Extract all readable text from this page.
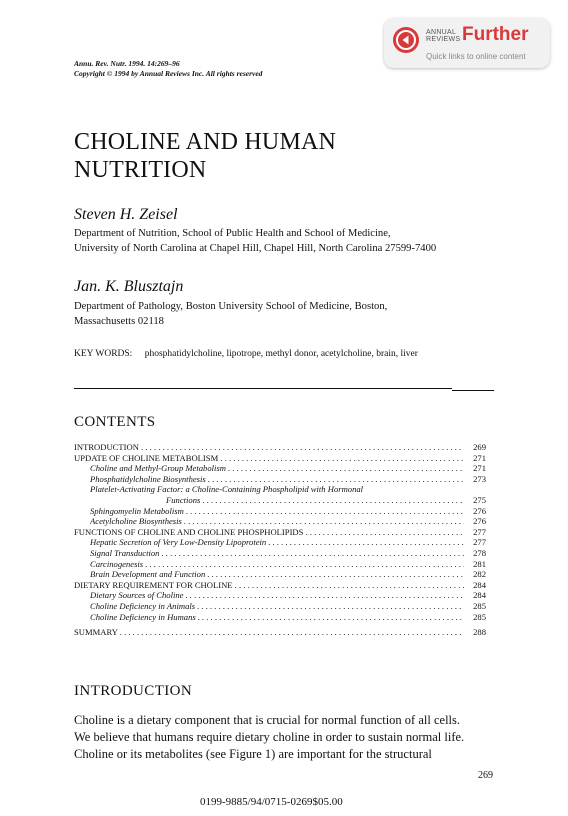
ANNUAL
REVIEWS Further
Quick links to online content
Annu. Rev. Nutr. 1994. 14:269–96
Copyright © 1994 by Annual Reviews Inc. All rights reserved
CHOLINE AND HUMAN
NUTRITION
Steven H. Zeisel
Department of Nutrition, School of Public Health and School of Medicine,
University of North Carolina at Chapel Hill, Chapel Hill, North Carolina 27599-7400
Jan. K. Blusztajn
Department of Pathology, Boston University School of Medicine, Boston,
Massachusetts 02118
KEY WORDS: phosphatidylcholine, lipotrope, methyl donor, acetylcholine, brain, liver
CONTENTS
INTRODUCTION . . .	269
UPDATE OF CHOLINE METABOLISM . . .	271
Choline and Methyl-Group Metabolism . . .	271
Phosphatidylcholine Biosynthesis . . .	273
Platelet-Activating Factor: a Choline-Containing Phospholipid with Hormonal
Functions . . .	275
Sphingomyelin Metabolism . . .	276
Acetylcholine Biosynthesis . . .	276
FUNCTIONS OF CHOLINE AND CHOLINE PHOSPHOLIPIDS . . .	277
Hepatic Secretion of Very Low-Density Lipoprotein . . .	277
Signal Transduction . . .	278
Carcinogenesis . . .	281
Brain Development and Function . . .	282
DIETARY REQUIREMENT FOR CHOLINE . . .	284
Dietary Sources of Choline . . .	284
Choline Deficiency in Animals . . .	285
Choline Deficiency in Humans . . .	285
SUMMARY . . .	288
INTRODUCTION
Choline is a dietary component that is crucial for normal function of all cells.
We believe that humans require dietary choline in order to sustain normal life.
Choline or its metabolites (see Figure 1) are important for the structural
269
0199-9885/94/0715-0269$05.00
